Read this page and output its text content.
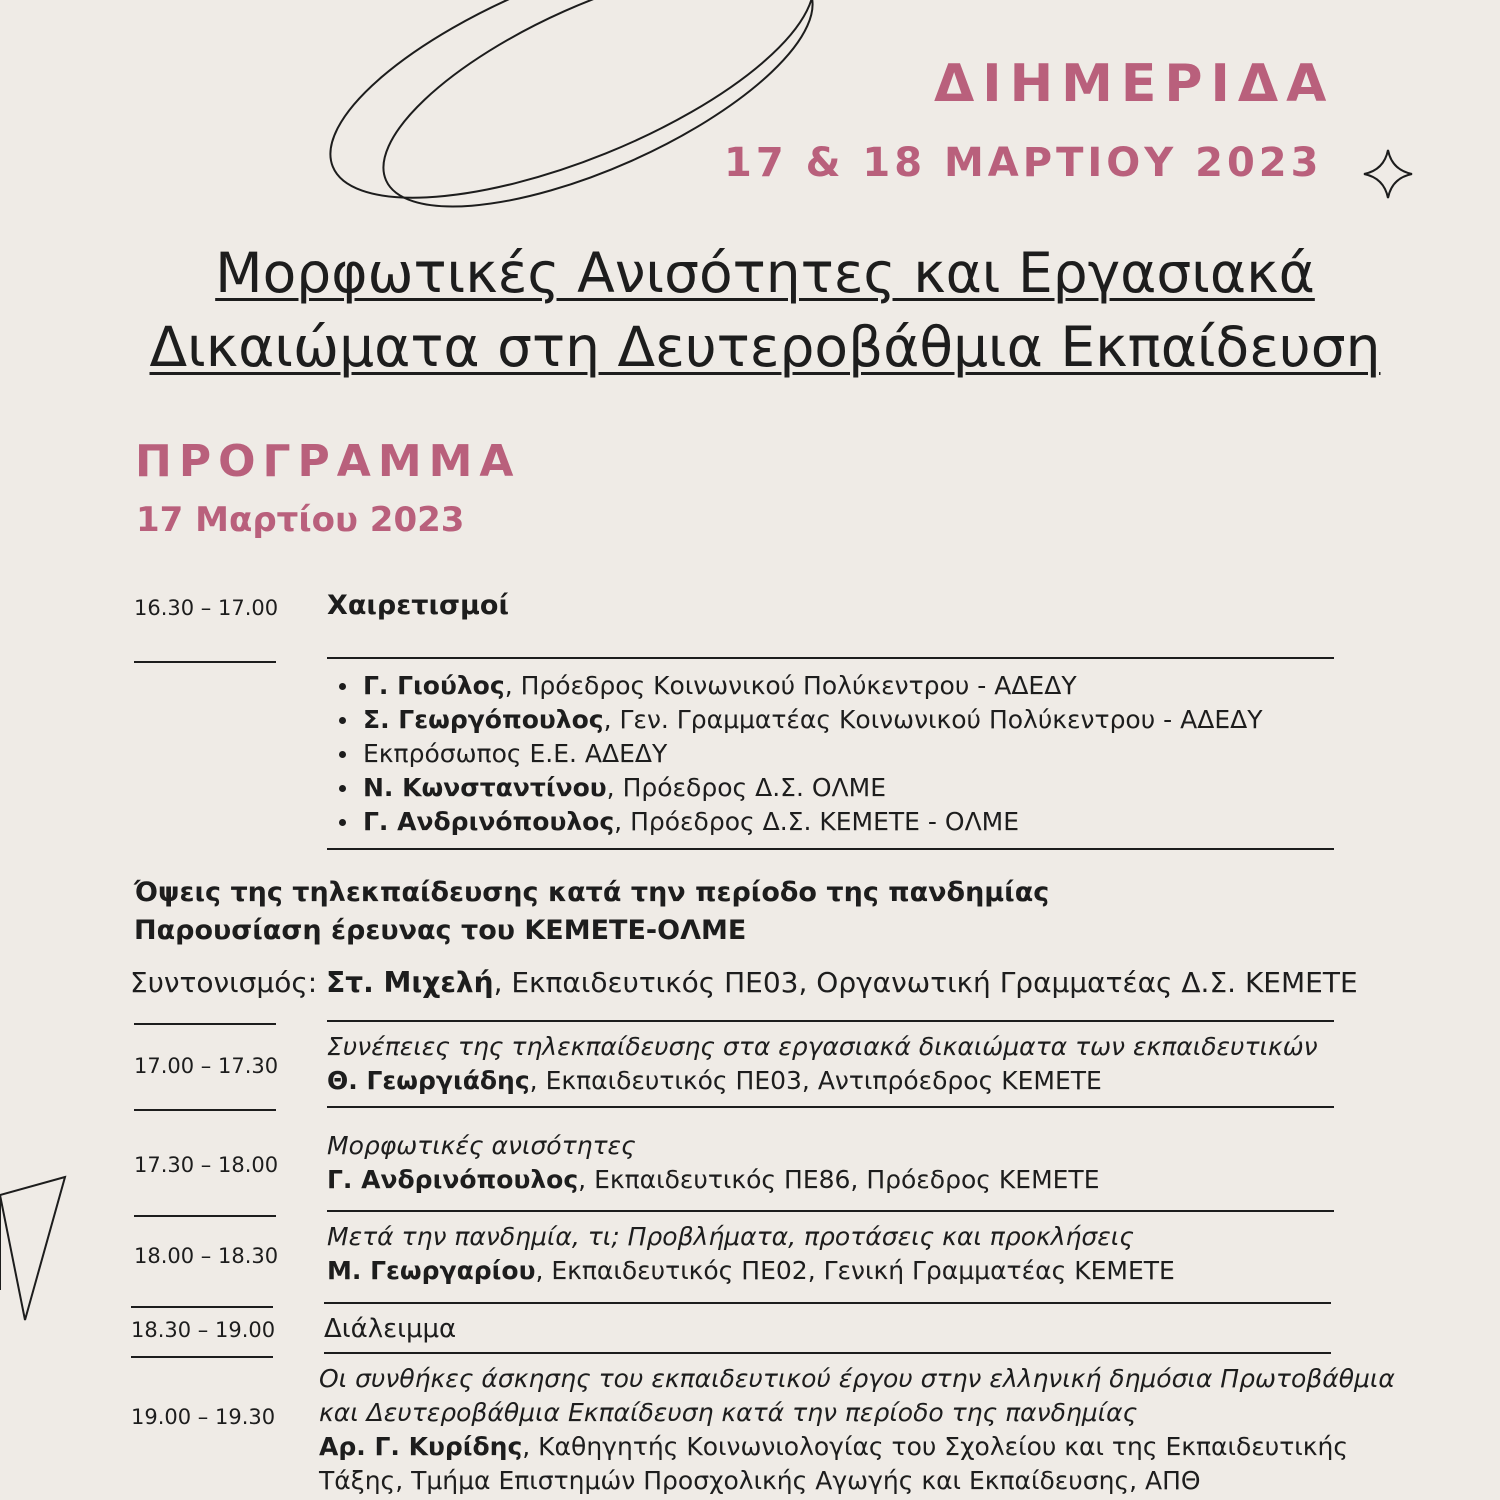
ΔΙΗΜΕΡΙΔΑ
17 & 18 ΜΑΡΤΙΟΥ 2023
Μορφωτικές Ανισότητες και Εργασιακά
Δικαιώματα στη Δευτεροβάθμια Εκπαίδευση
ΠΡΟΓΡΑΜΜΑ
17 Μαρτίου 2023
16.30 – 17.00 Χαιρετισμοί
Γ. Γιούλος, Πρόεδρος Κοινωνικού Πολύκεντρου - ΑΔΕΔΥ
Σ. Γεωργόπουλος, Γεν. Γραμματέας Κοινωνικού Πολύκεντρου - ΑΔΕΔΥ
Εκπρόσωπος Ε.Ε. ΑΔΕΔΥ
Ν. Κωνσταντίνου, Πρόεδρος Δ.Σ. ΟΛΜΕ
Γ. Ανδρινόπουλος, Πρόεδρος Δ.Σ. ΚΕΜΕΤΕ - ΟΛΜΕ
Όψεις της τηλεκπαίδευσης κατά την περίοδο της πανδημίας
Παρουσίαση έρευνας του ΚΕΜΕΤΕ-ΟΛΜΕ
Συντονισμός: Στ. Μιχελή, Εκπαιδευτικός ΠΕ03, Οργανωτική Γραμματέας Δ.Σ. ΚΕΜΕΤΕ
17.00 – 17.30
Συνέπειες της τηλεκπαίδευσης στα εργασιακά δικαιώματα των εκπαιδευτικών
Θ. Γεωργιάδης, Εκπαιδευτικός ΠΕ03, Αντιπρόεδρος ΚΕΜΕΤΕ
17.30 – 18.00
Μορφωτικές ανισότητες
Γ. Ανδρινόπουλος, Εκπαιδευτικός ΠΕ86, Πρόεδρος ΚΕΜΕΤΕ
18.00 – 18.30
Μετά την πανδημία, τι; Προβλήματα, προτάσεις και προκλήσεις
Μ. Γεωργαρίου, Εκπαιδευτικός ΠΕ02, Γενική Γραμματέας ΚΕΜΕΤΕ
18.30 – 19.00 Διάλειμμα
19.00 – 19.30
Οι συνθήκες άσκησης του εκπαιδευτικού έργου στην ελληνική δημόσια Πρωτοβάθμια
και Δευτεροβάθμια Εκπαίδευση κατά την περίοδο της πανδημίας
Αρ. Γ. Κυρίδης, Καθηγητής Κοινωνιολογίας του Σχολείου και της Εκπαιδευτικής
Τάξης, Τμήμα Επιστημών Προσχολικής Αγωγής και Εκπαίδευσης, ΑΠΘ
